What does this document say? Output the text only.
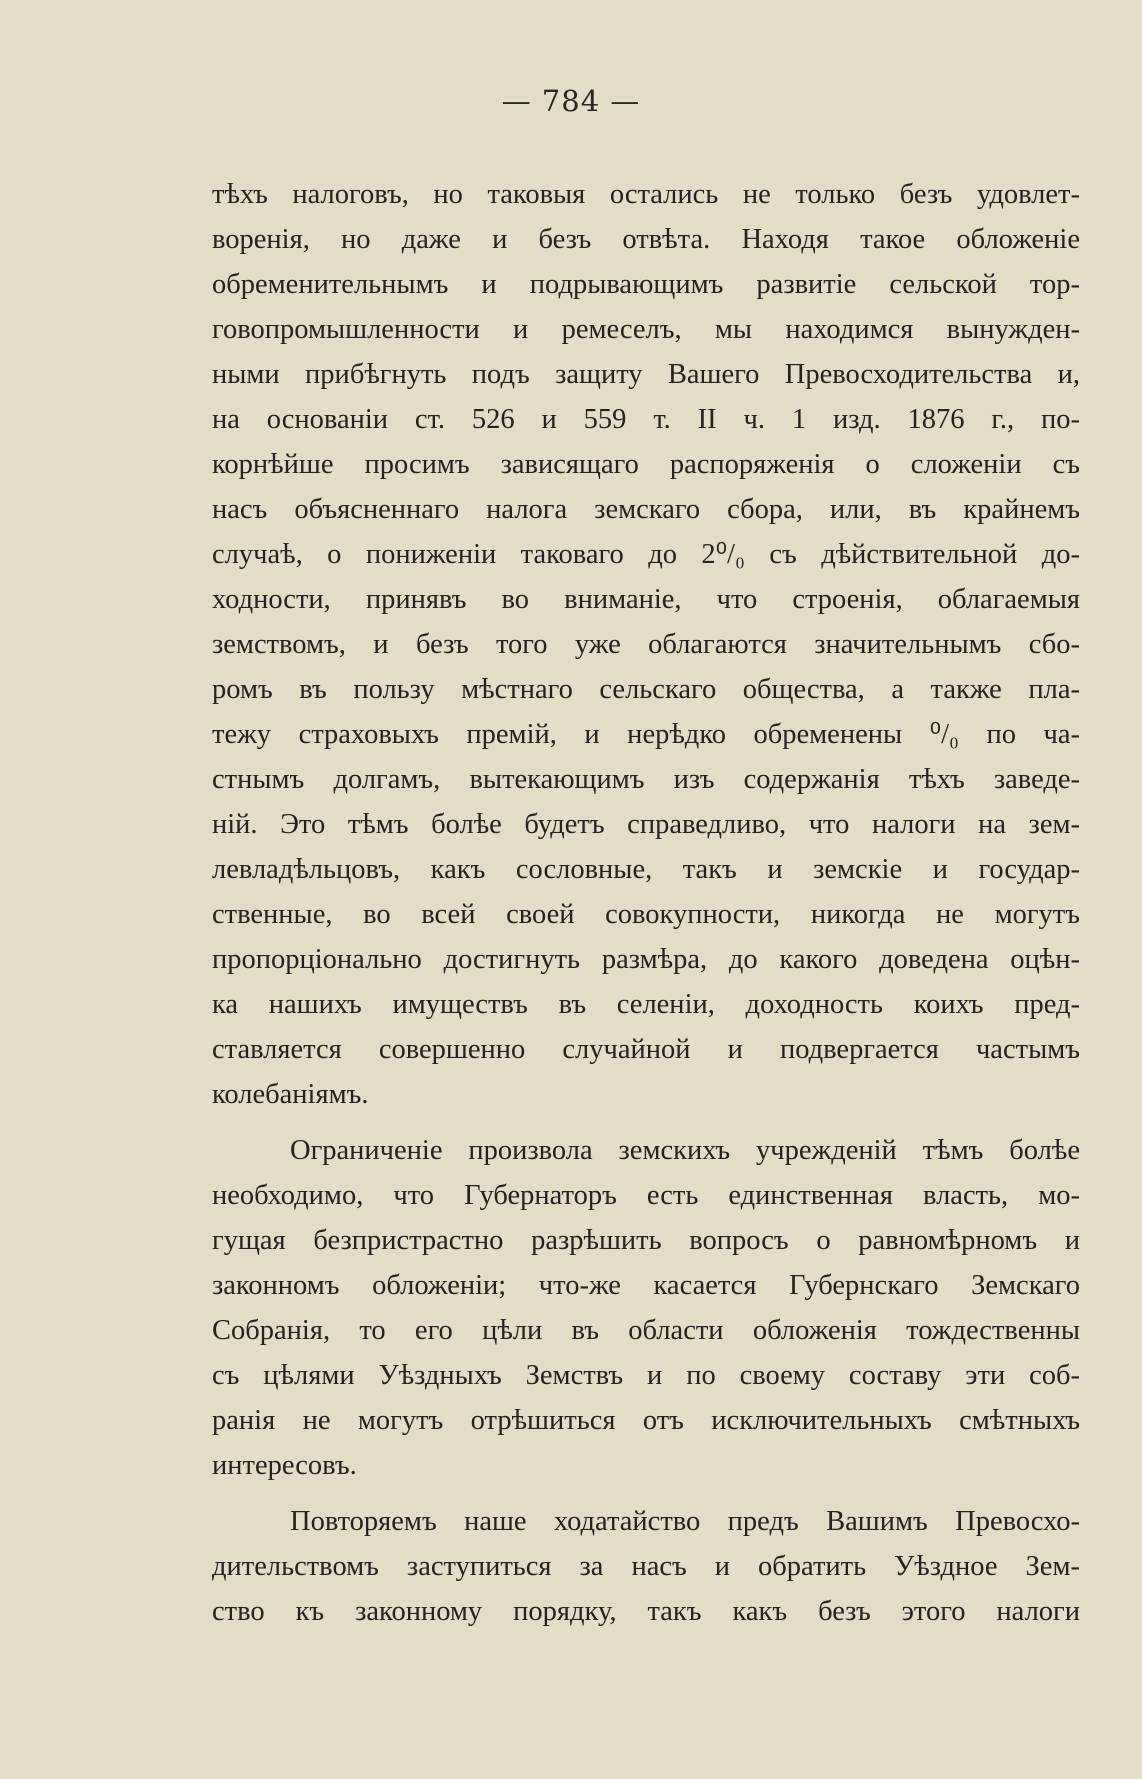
— 784 —
тѣхъ налоговъ, но таковыя остались не только безъ удовлет-
воренія, но даже и безъ отвѣта. Находя такое обложеніе
обременительнымъ и подрывающимъ развитіе сельской тор-
говопромышленности и ремеселъ, мы находимся вынужден-
ными прибѣгнуть подъ защиту Вашего Превосходительства и,
на основаніи ст. 526 и 559 т. II ч. 1 изд. 1876 г., по-
корнѣйше просимъ зависящаго распоряженія о сложеніи съ
насъ объясненнаго налога земскаго сбора, или, въ крайнемъ
случаѣ, о пониженіи таковаго до 2⁰/₀ съ дѣйствительной до-
ходности, принявъ во вниманіе, что строенія, облагаемыя
земствомъ, и безъ того уже облагаются значительнымъ сбо-
ромъ въ пользу мѣстнаго сельскаго общества, а также пла-
тежу страховыхъ премій, и нерѣдко обременены ⁰/₀ по ча-
стнымъ долгамъ, вытекающимъ изъ содержанія тѣхъ заведе-
ній. Это тѣмъ болѣе будетъ справедливо, что налоги на зем-
левладѣльцовъ, какъ сословные, такъ и земскіе и государ-
ственные, во всей своей совокупности, никогда не могутъ
пропорціонально достигнуть размѣра, до какого доведена оцѣн-
ка нашихъ имуществъ въ селеніи, доходность коихъ пред-
ставляется совершенно случайной и подвергается частымъ
колебаніямъ.
Ограниченіе произвола земскихъ учрежденій тѣмъ болѣе
необходимо, что Губернаторъ есть единственная власть, мо-
гущая безпристрастно разрѣшить вопросъ о равномѣрномъ и
законномъ обложеніи; что-же касается Губернскаго Земскаго
Собранія, то его цѣли въ области обложенія тождественны
съ цѣлями Уѣздныхъ Земствъ и по своему составу эти соб-
ранія не могутъ отрѣшиться отъ исключительныхъ смѣтныхъ
интересовъ.
Повторяемъ наше ходатайство предъ Вашимъ Превосхо-
дительствомъ заступиться за насъ и обратить Уѣздное Зем-
ство къ законному порядку, такъ какъ безъ этого налоги
